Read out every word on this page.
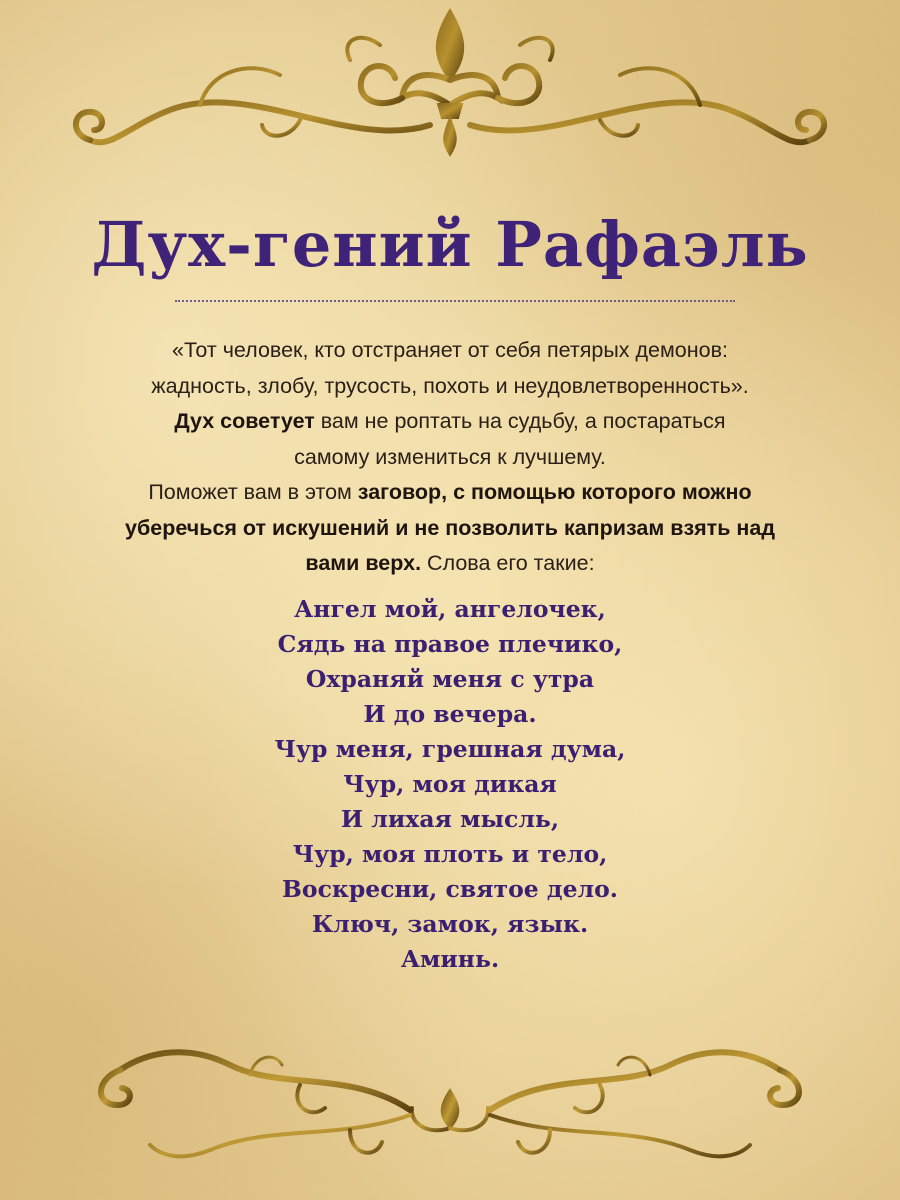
Дух-гений Рафаэль
«Тот человек, кто отстраняет от себя петярых демонов:
жадность, злобу, трусость, похоть и неудовлетворенность».
Дух советует вам не роптать на судьбу, а постараться
самому измениться к лучшему.
Поможет вам в этом заговор, с помощью которого можно
уберечься от искушений и не позволить капризам взять над
вами верх. Слова его такие:
Ангел мой, ангелочек,
Сядь на правое плечико,
Охраняй меня с утра
И до вечера.
Чур меня, грешная дума,
Чур, моя дикая
И лихая мысль,
Чур, моя плоть и тело,
Воскресни, святое дело.
Ключ, замок, язык.
Аминь.
